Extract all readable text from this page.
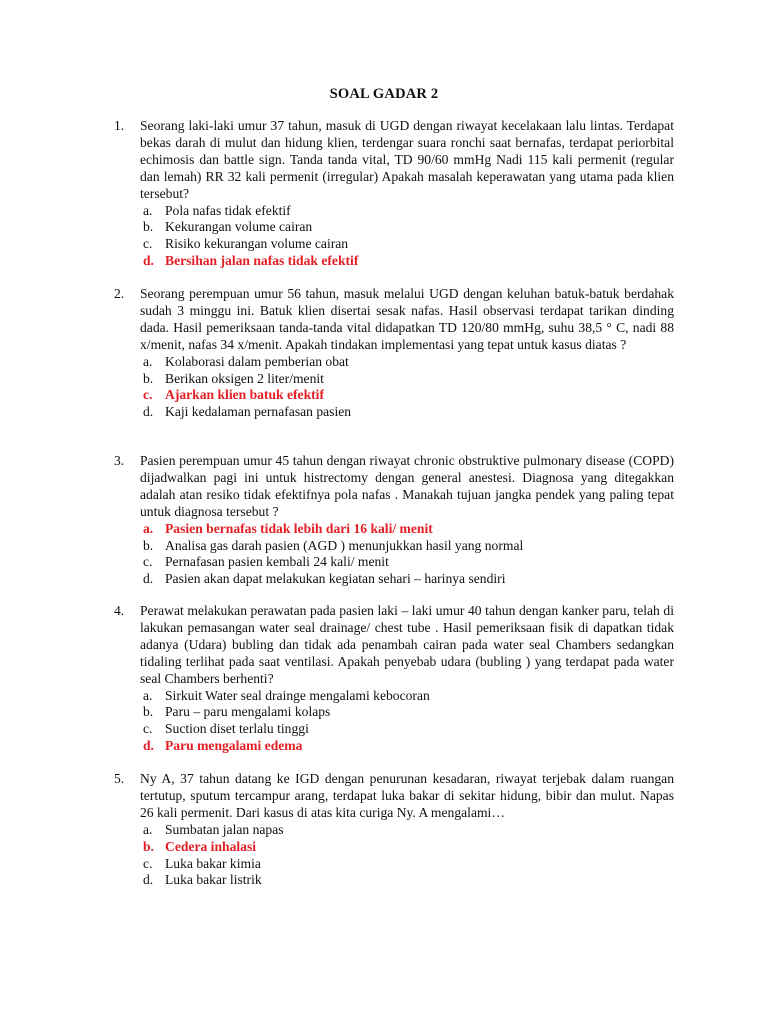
SOAL GADAR 2
1.	Seorang laki-laki umur 37 tahun, masuk di UGD dengan riwayat kecelakaan lalu lintas. Terdapat bekas darah di mulut dan hidung klien, terdengar suara ronchi saat bernafas, terdapat periorbital echimosis dan battle sign. Tanda tanda vital, TD 90/60 mmHg Nadi 115 kali permenit (regular dan lemah) RR 32 kali permenit (irregular) Apakah masalah keperawatan yang utama pada klien tersebut?

a. Pola nafas tidak efektif
b. Kekurangan volume cairan
c. Risiko kekurangan volume cairan
d. Bersihan jalan nafas tidak efektif
2.	Seorang perempuan umur 56 tahun, masuk melalui UGD dengan keluhan batuk-batuk berdahak sudah 3 minggu ini. Batuk klien disertai sesak nafas. Hasil observasi terdapat tarikan dinding dada. Hasil pemeriksaan tanda-tanda vital didapatkan TD 120/80 mmHg, suhu 38,5 ° C, nadi 88 x/menit, nafas 34 x/menit. Apakah tindakan implementasi yang tepat untuk kasus diatas ?

a. Kolaborasi dalam pemberian obat
b. Berikan oksigen 2 liter/menit
c. Ajarkan klien batuk efektif
d. Kaji kedalaman pernafasan pasien
3.	Pasien perempuan umur 45 tahun dengan riwayat chronic obstruktive pulmonary disease (COPD) dijadwalkan pagi ini untuk histrectomy dengan general anestesi. Diagnosa yang ditegakkan adalah atan resiko tidak efektifnya pola nafas . Manakah tujuan jangka pendek yang paling tepat untuk diagnosa tersebut ?

a. Pasien bernafas tidak lebih dari 16 kali/ menit
b. Analisa gas darah pasien (AGD ) menunjukkan hasil yang normal
c. Pernafasan pasien kembali 24 kali/ menit
d. Pasien akan dapat melakukan kegiatan sehari – harinya sendiri
4.	Perawat melakukan perawatan pada pasien laki – laki umur 40 tahun dengan kanker paru, telah di lakukan pemasangan water seal drainage/ chest tube . Hasil pemeriksaan fisik di dapatkan tidak adanya (Udara) bubling dan tidak ada penambah cairan pada water seal Chambers sedangkan tidaling terlihat pada saat ventilasi. Apakah penyebab udara (bubling ) yang terdapat pada water seal Chambers berhenti?

a. Sirkuit Water seal drainge mengalami kebocoran
b. Paru – paru mengalami kolaps
c. Suction diset terlalu tinggi
d. Paru mengalami edema
5.	Ny A, 37 tahun datang ke IGD dengan penurunan kesadaran, riwayat terjebak dalam ruangan tertutup, sputum tercampur arang, terdapat luka bakar di sekitar hidung, bibir dan mulut. Napas 26 kali permenit. Dari kasus di atas kita curiga Ny. A mengalami…

a. Sumbatan jalan napas
b. Cedera inhalasi
c. Luka bakar kimia
d. Luka bakar listrik
